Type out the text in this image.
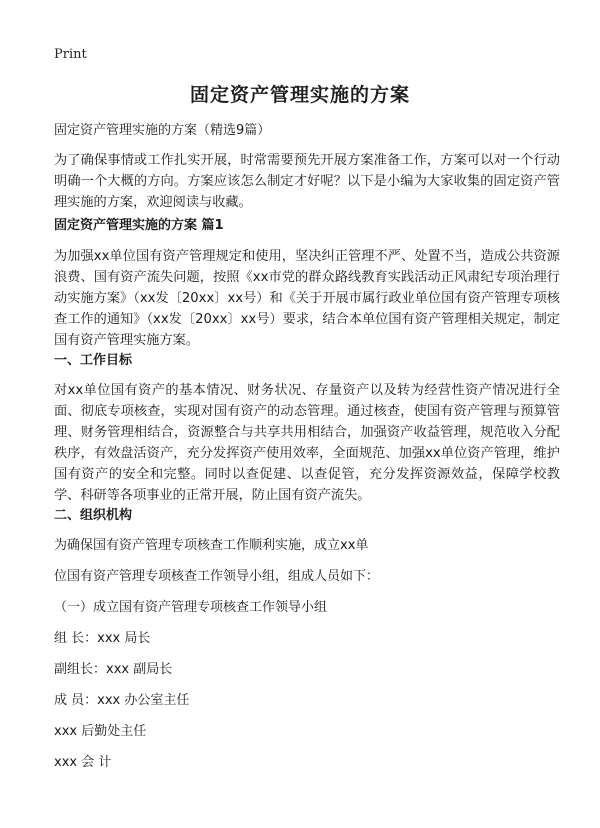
Print
固定资产管理实施的方案
固定资产管理实施的方案（精选9篇）
为了确保事情或工作扎实开展，时常需要预先开展方案准备工作，方案可以对一个行动明确一个大概的方向。方案应该怎么制定才好呢？以下是小编为大家收集的固定资产管理实施的方案，欢迎阅读与收藏。
固定资产管理实施的方案 篇1
为加强xx单位国有资产管理规定和使用，坚决纠正管理不严、处置不当，造成公共资源浪费、国有资产流失问题，按照《xx市党的群众路线教育实践活动正风肃纪专项治理行动实施方案》（xx发〔20xx〕xx号）和《关于开展市属行政业单位国有资产管理专项核查工作的通知》（xx发〔20xx〕xx号）要求，结合本单位国有资产管理相关规定，制定国有资产管理实施方案。
一、工作目标
对xx单位国有资产的基本情况、财务状况、存量资产以及转为经营性资产情况进行全面、彻底专项核查，实现对国有资产的动态管理。通过核查，使国有资产管理与预算管理、财务管理相结合，资源整合与共享共用相结合，加强资产收益管理，规范收入分配秩序，有效盘活资产，充分发挥资产使用效率，全面规范、加强xx单位资产管理，维护国有资产的安全和完整。同时以查促建、以查促管，充分发挥资源效益，保障学校教学、科研等各项事业的正常开展，防止国有资产流失。
二、组织机构
为确保国有资产管理专项核查工作顺利实施，成立xx单
位国有资产管理专项核查工作领导小组，组成人员如下：
（一）成立国有资产管理专项核查工作领导小组
组 长：xxx 局长
副组长：xxx 副局长
成 员：xxx 办公室主任
xxx 后勤处主任
xxx 会 计
